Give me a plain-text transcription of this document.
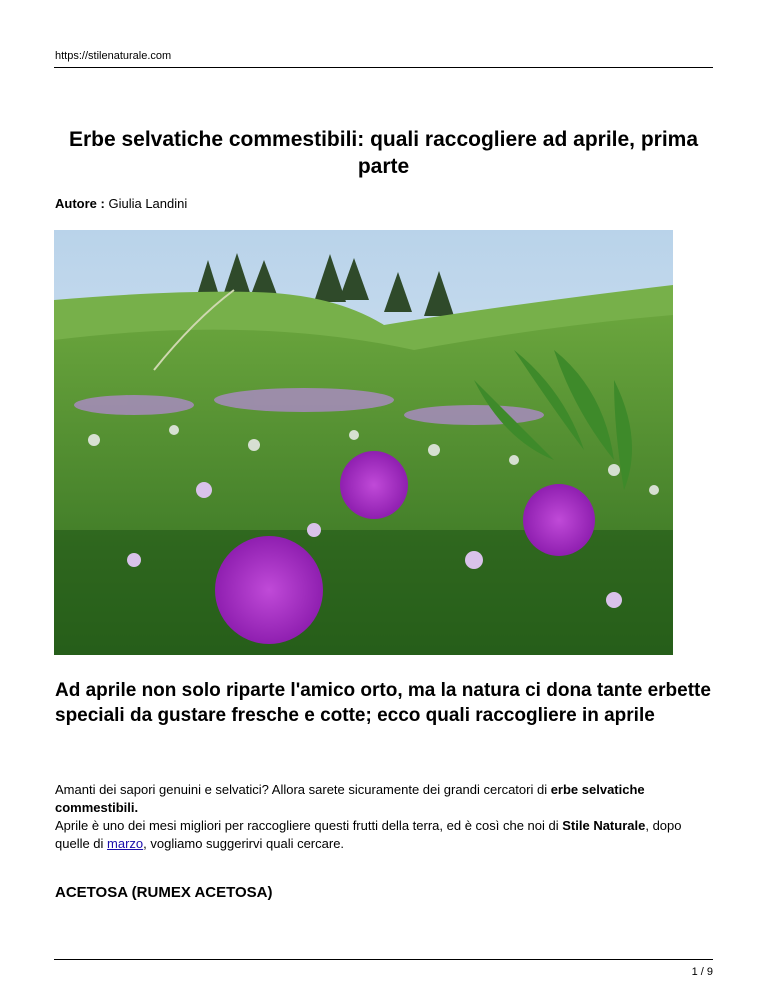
https://stilenaturale.com
Erbe selvatiche commestibili: quali raccogliere ad aprile, prima parte
Autore : Giulia Landini
Ad aprile non solo riparte l'amico orto, ma la natura ci dona tante erbette speciali da gustare fresche e cotte; ecco quali raccogliere in aprile

Amanti dei sapori genuini e selvatici? Allora sarete sicuramente dei grandi cercatori di erbe selvatiche commestibili.

Aprile è uno dei mesi migliori per raccogliere questi frutti della terra, ed è così che noi di Stile Naturale, dopo quelle di marzo, vogliamo suggerirvi quali cercare.

ACETOSA (RUMEX ACETOSA)
1 / 9
